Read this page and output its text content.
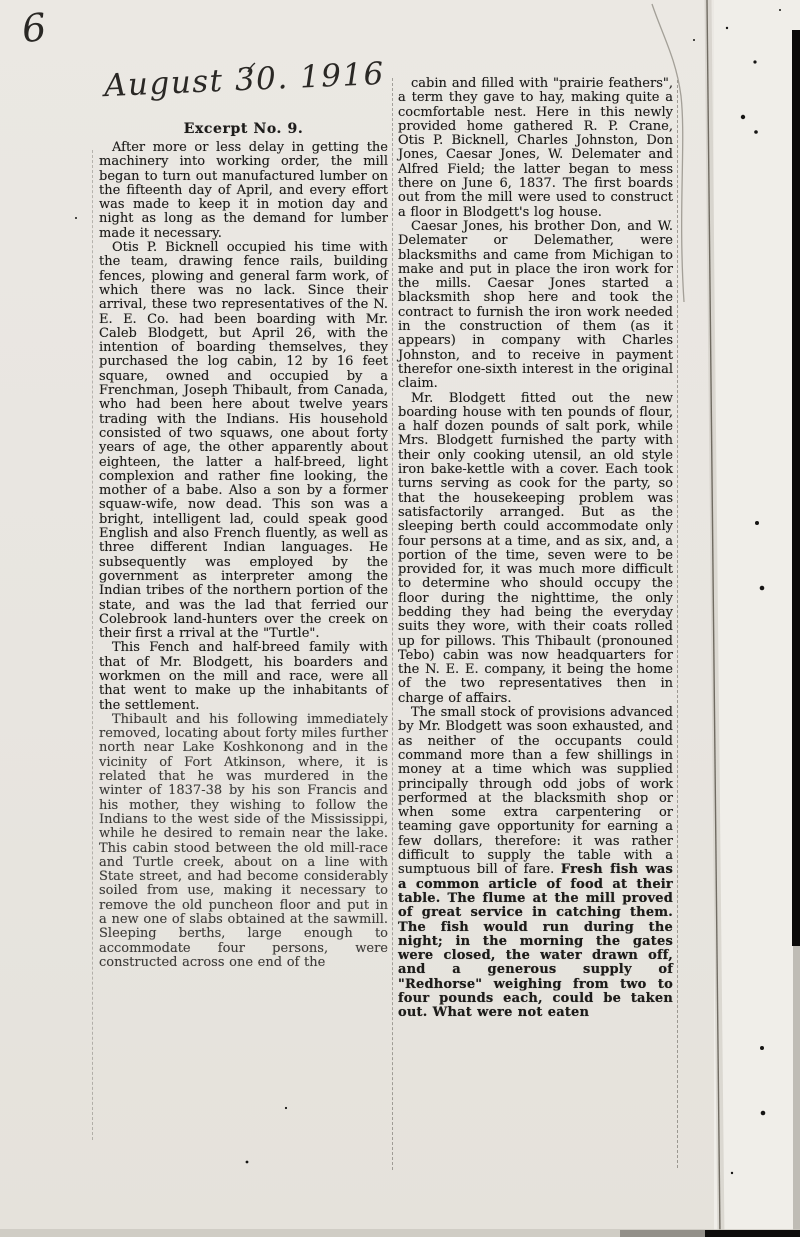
6
August 30. 1916
Excerpt No. 9.

After more or less delay in getting the machinery into working order, the mill began to turn out manufactured lumber on the fifteenth day of April, and every effort was made to keep it in motion day and night as long as the demand for lumber made it necessary.

Otis P. Bicknell occupied his time with the team, drawing fence rails, building fences, plowing and general farm work, of which there was no lack. Since their arrival, these two representatives of the N. E. E. Co. had been boarding with Mr. Caleb Blodgett, but April 26, with the intention of boarding themselves, they purchased the log cabin, 12 by 16 feet square, owned and occupied by a Frenchman, Joseph Thibault, from Canada, who had been here about twelve years trading with the Indians. His household consisted of two squaws, one about forty years of age, the other apparently about eighteen, the latter a half-breed, light complexion and rather fine looking, the mother of a babe. Also a son by a former squaw-wife, now dead. This son was a bright, intelligent lad, could speak good English and also French fluently, as well as three different Indian languages. He subsequently was employed by the government as interpreter among the Indian tribes of the northern portion of the state, and was the lad that ferried our Colebrook land-hunters over the creek on their first a rrival at the "Turtle".

This Fench and half-breed family with that of Mr. Blodgett, his boarders and workmen on the mill and race, were all that went to make up the inhabitants of the settlement.

Thibault and his following immediately removed, locating about forty miles further north near Lake Koshkonong and in the vicinity of Fort Atkinson, where, it is related that he was murdered in the winter of 1837-38 by his son Francis and his mother, they wishing to follow the Indians to the west side of the Mississippi, while he desired to remain near the lake. This cabin stood between the old mill-race and Turtle creek, about on a line with State street, and had become considerably soiled from use, making it necessary to remove the old puncheon floor and put in a new one of slabs obtained at the sawmill. Sleeping berths, large enough to accommodate four persons, were constructed across one end of the

cabin and filled with "prairie feathers", a term they gave to hay, making quite a cocmfortable nest. Here in this newly provided home gathered R. P. Crane, Otis P. Bicknell, Charles Johnston, Don Jones, Caesar Jones, W. Delemater and Alfred Field; the latter began to mess there on June 6, 1837. The first boards out from the mill were used to construct a floor in Blodgett's log house.

Caesar Jones, his brother Don, and W. Delemater or Delemather, were blacksmiths and came from Michigan to make and put in place the iron work for the mills. Caesar Jones started a blacksmith shop here and took the contract to furnish the iron work needed in the construction of them (as it appears) in company with Charles Johnston, and to receive in payment therefor one-sixth interest in the original claim.

Mr. Blodgett fitted out the new boarding house with ten pounds of flour, a half dozen pounds of salt pork, while Mrs. Blodgett furnished the party with their only cooking utensil, an old style iron bake-kettle with a cover. Each took turns serving as cook for the party, so that the housekeeping problem was satisfactorily arranged. But as the sleeping berth could accommodate only four persons at a time, and as six, and, a portion of the time, seven were to be provided for, it was much more difficult to determine who should occupy the floor during the nighttime, the only bedding they had being the everyday suits they wore, with their coats rolled up for pillows. This Thibault (pronouned Tebo) cabin was now headquarters for the N. E. E. company, it being the home of the two representatives then in charge of affairs.

The small stock of provisions advanced by Mr. Blodgett was soon exhausted, and as neither of the occupants could command more than a few shillings in money at a time which was supplied principally through odd jobs of work performed at the blacksmith shop or when some extra carpentering or teaming gave opportunity for earning a few dollars, therefore: it was rather difficult to supply the table with a sumptuous bill of fare. Fresh fish was a common article of food at their table. The flume at the mill proved of great service in catching them. The fish would run during the night; in the morning the gates were closed, the water drawn off, and a generous supply of "Redhorse" weighing from two to four pounds each, could be taken out. What were not eaten
